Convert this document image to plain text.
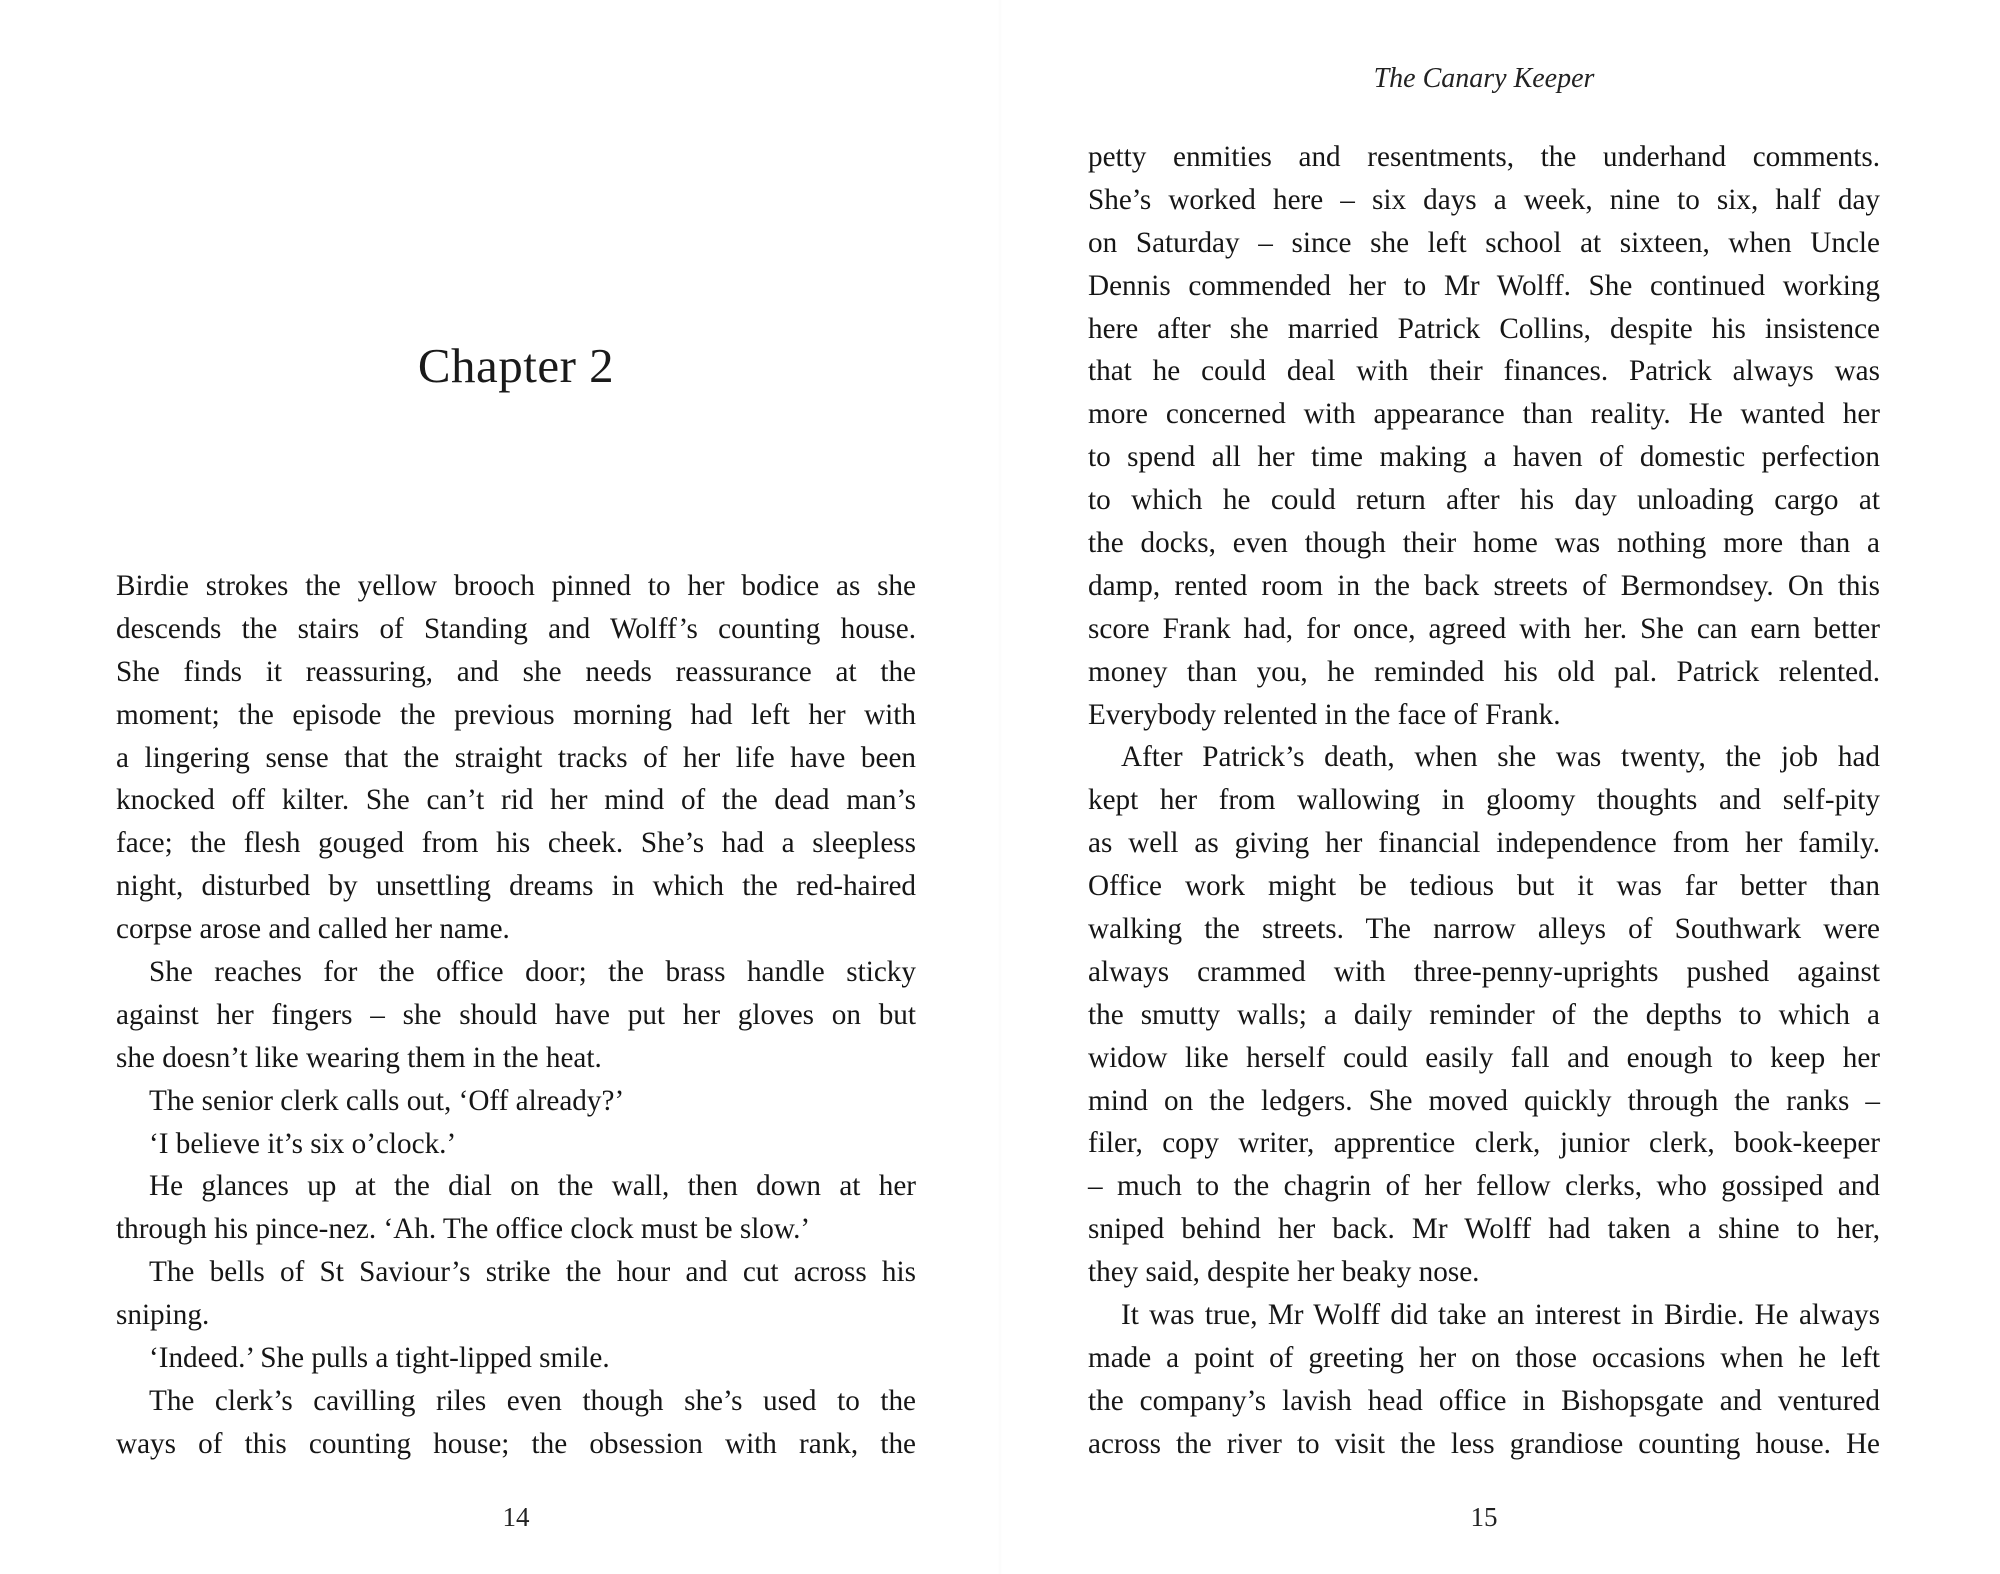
Chapter 2
Birdie strokes the yellow brooch pinned to her bodice as she
descends the stairs of Standing and Wolff’s counting house.
She finds it reassuring, and she needs reassurance at the
moment; the episode the previous morning had left her with
a lingering sense that the straight tracks of her life have been
knocked off kilter. She can’t rid her mind of the dead man’s
face; the flesh gouged from his cheek. She’s had a sleepless
night, disturbed by unsettling dreams in which the red-haired
corpse arose and called her name.
She reaches for the office door; the brass handle sticky
against her fingers – she should have put her gloves on but
she doesn’t like wearing them in the heat.
The senior clerk calls out, ‘Off already?’
‘I believe it’s six o’clock.’
He glances up at the dial on the wall, then down at her
through his pince-nez. ‘Ah. The office clock must be slow.’
The bells of St Saviour’s strike the hour and cut across his
sniping.
‘Indeed.’ She pulls a tight-lipped smile.
The clerk’s cavilling riles even though she’s used to the
ways of this counting house; the obsession with rank, the
14
The Canary Keeper
petty enmities and resentments, the underhand comments.
She’s worked here – six days a week, nine to six, half day
on Saturday – since she left school at sixteen, when Uncle
Dennis commended her to Mr Wolff. She continued working
here after she married Patrick Collins, despite his insistence
that he could deal with their finances. Patrick always was
more concerned with appearance than reality. He wanted her
to spend all her time making a haven of domestic perfection
to which he could return after his day unloading cargo at
the docks, even though their home was nothing more than a
damp, rented room in the back streets of Bermondsey. On this
score Frank had, for once, agreed with her. She can earn better
money than you, he reminded his old pal. Patrick relented.
Everybody relented in the face of Frank.
After Patrick’s death, when she was twenty, the job had
kept her from wallowing in gloomy thoughts and self-pity
as well as giving her financial independence from her family.
Office work might be tedious but it was far better than
walking the streets. The narrow alleys of Southwark were
always crammed with three-penny-uprights pushed against
the smutty walls; a daily reminder of the depths to which a
widow like herself could easily fall and enough to keep her
mind on the ledgers. She moved quickly through the ranks –
filer, copy writer, apprentice clerk, junior clerk, book-keeper
– much to the chagrin of her fellow clerks, who gossiped and
sniped behind her back. Mr Wolff had taken a shine to her,
they said, despite her beaky nose.
It was true, Mr Wolff did take an interest in Birdie. He always
made a point of greeting her on those occasions when he left
the company’s lavish head office in Bishopsgate and ventured
across the river to visit the less grandiose counting house. He
15
